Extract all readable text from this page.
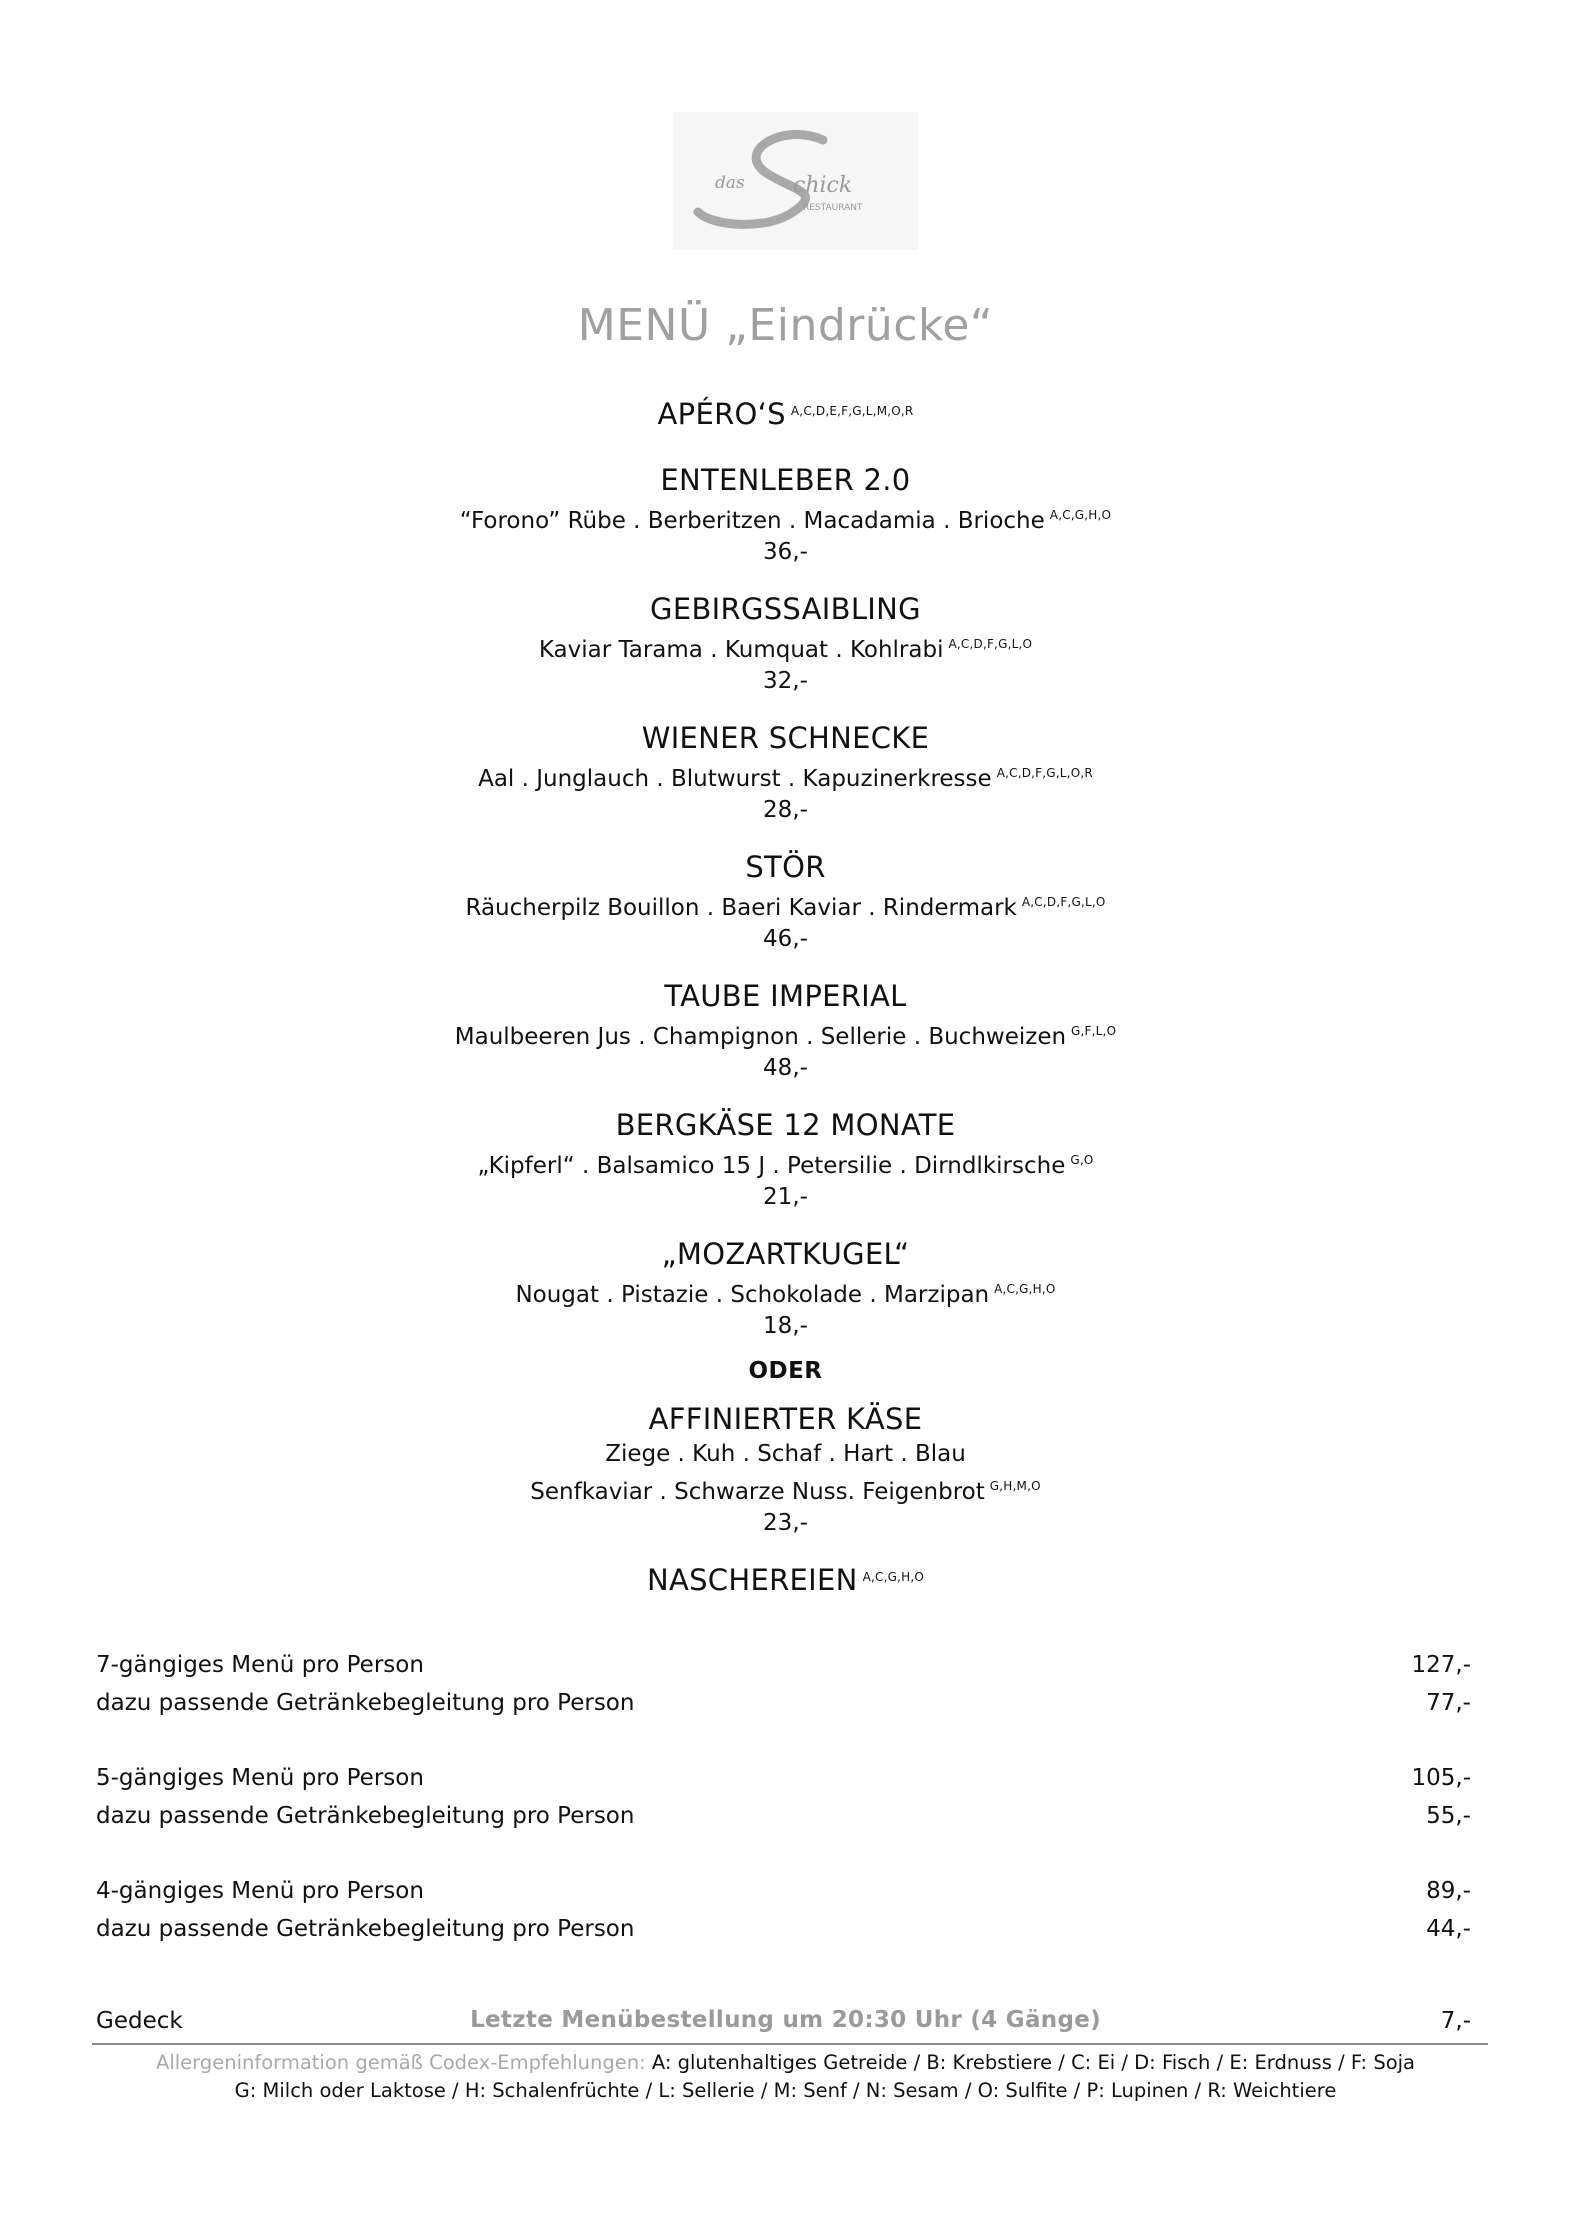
das chick
RESTAURANT
MENÜ „Eindrücke“
APÉRO‘S $^{A,C,D,E,F,G,L,M,O,R}$
ENTENLEBER 2.0
“Forono” Rübe . Berberitzen . Macadamia . Brioche $^{A,C,G,H,O}$
36,-
GEBIRGSSAIBLING
Kaviar Tarama . Kumquat . Kohlrabi $^{A,C,D,F,G,L,O}$
32,-
WIENER SCHNECKE
Aal . Junglauch . Blutwurst . Kapuzinerkresse $^{A,C,D,F,G,L,O,R}$
28,-
STÖR
Räucherpilz Bouillon . Baeri Kaviar . Rindermark $^{A,C,D,F,G,L,O}$
46,-
TAUBE IMPERIAL
Maulbeeren Jus . Champignon . Sellerie . Buchweizen $^{G,F,L,O}$
48,-
BERGKÄSE 12 MONATE
„Kipferl“ . Balsamico 15 J . Petersilie . Dirndlkirsche $^{G,O}$
21,-
„MOZARTKUGEL“
Nougat . Pistazie . Schokolade . Marzipan $^{A,C,G,H,O}$
18,-
ODER
AFFINIERTER KÄSE
Ziege . Kuh . Schaf . Hart . Blau
Senfkaviar . Schwarze Nuss. Feigenbrot $^{G,H,M,O}$
23,-
NASCHEREIEN $^{A,C,G,H,O}$
7-gängiges Menü pro Person	127,-
dazu passende Getränkebegleitung pro Person	77,-
5-gängiges Menü pro Person	105,-
dazu passende Getränkebegleitung pro Person	55,-
4-gängiges Menü pro Person	89,-
dazu passende Getränkebegleitung pro Person	44,-
Gedeck	7,-
Letzte Menübestellung um 20:30 Uhr (4 Gänge)
Allergeninformation gemäß Codex-Empfehlungen: A: glutenhaltiges Getreide / B: Krebstiere / C: Ei / D: Fisch / E: Erdnuss / F: Soja
G: Milch oder Laktose / H: Schalenfrüchte / L: Sellerie / M: Senf / N: Sesam / O: Sulfite / P: Lupinen / R: Weichtiere
